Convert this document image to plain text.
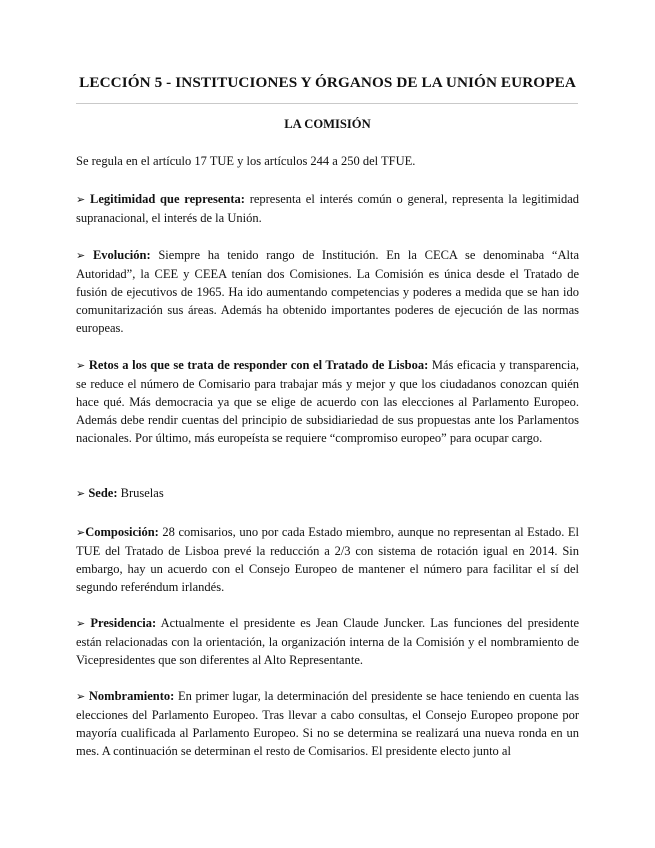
LECCIÓN 5 - INSTITUCIONES Y ÓRGANOS DE LA UNIÓN EUROPEA
LA COMISIÓN
Se regula en el artículo 17 TUE y los artículos 244 a 250 del TFUE.
➢ Legitimidad que representa: representa el interés común o general, representa la legitimidad supranacional, el interés de la Unión.
➢ Evolución: Siempre ha tenido rango de Institución. En la CECA se denominaba “Alta Autoridad”, la CEE y CEEA tenían dos Comisiones. La Comisión es única desde el Tratado de fusión de ejecutivos de 1965. Ha ido aumentando competencias y poderes a medida que se han ido comunitarización sus áreas. Además ha obtenido importantes poderes de ejecución de las normas europeas.
➢ Retos a los que se trata de responder con el Tratado de Lisboa: Más eficacia y transparencia, se reduce el número de Comisario para trabajar más y mejor y que los ciudadanos conozcan quién hace qué. Más democracia ya que se elige de acuerdo con las elecciones al Parlamento Europeo. Además debe rendir cuentas del principio de subsidiariedad de sus propuestas ante los Parlamentos nacionales. Por último, más europeísta se requiere “compromiso europeo” para ocupar cargo.
➢ Sede: Bruselas
➢Composición: 28 comisarios, uno por cada Estado miembro, aunque no representan al Estado. El TUE del Tratado de Lisboa prevé la reducción a 2/3 con sistema de rotación igual en 2014. Sin embargo, hay un acuerdo con el Consejo Europeo de mantener el número para facilitar el sí del segundo referéndum irlandés.
➢ Presidencia: Actualmente el presidente es Jean Claude Juncker. Las funciones del presidente están relacionadas con la orientación, la organización interna de la Comisión y el nombramiento de Vicepresidentes que son diferentes al Alto Representante.
➢ Nombramiento: En primer lugar, la determinación del presidente se hace teniendo en cuenta las elecciones del Parlamento Europeo. Tras llevar a cabo consultas, el Consejo Europeo propone por mayoría cualificada al Parlamento Europeo. Si no se determina se realizará una nueva ronda en un mes. A continuación se determinan el resto de Comisarios. El presidente electo junto al
